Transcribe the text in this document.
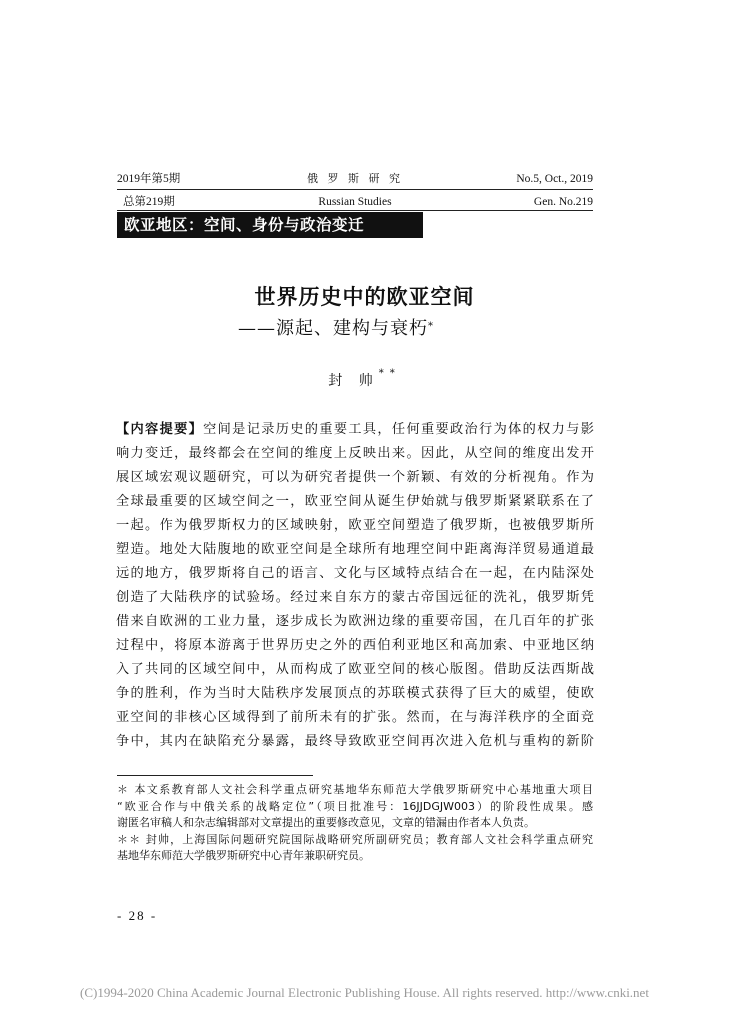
2019年第5期	俄 罗 斯 研 究	No.5, Oct., 2019
总第219期	Russian Studies	Gen. No.219
欧亚地区：空间、身份与政治变迁
世界历史中的欧亚空间
——源起、建构与衰朽*
封 帅**
【内容提要】空间是记录历史的重要工具，任何重要政治行为体的权力与影
响力变迁，最终都会在空间的维度上反映出来。因此，从空间的维度出发开
展区域宏观议题研究，可以为研究者提供一个新颖、有效的分析视角。作为
全球最重要的区域空间之一，欧亚空间从诞生伊始就与俄罗斯紧紧联系在了
一起。作为俄罗斯权力的区域映射，欧亚空间塑造了俄罗斯，也被俄罗斯所
塑造。地处大陆腹地的欧亚空间是全球所有地理空间中距离海洋贸易通道最
远的地方，俄罗斯将自己的语言、文化与区域特点结合在一起，在内陆深处
创造了大陆秩序的试验场。经过来自东方的蒙古帝国远征的洗礼，俄罗斯凭
借来自欧洲的工业力量，逐步成长为欧洲边缘的重要帝国，在几百年的扩张
过程中，将原本游离于世界历史之外的西伯利亚地区和高加索、中亚地区纳
入了共同的区域空间中，从而构成了欧亚空间的核心版图。借助反法西斯战
争的胜利，作为当时大陆秩序发展顶点的苏联模式获得了巨大的威望，使欧
亚空间的非核心区域得到了前所未有的扩张。然而，在与海洋秩序的全面竞
争中，其内在缺陷充分暴露，最终导致欧亚空间再次进入危机与重构的新阶
＊ 本文系教育部人文社会科学重点研究基地华东师范大学俄罗斯研究中心基地重大项目
“欧亚合作与中俄关系的战略定位”（项目批准号：16JJDGJW003）的阶段性成果。感
谢匿名审稿人和杂志编辑部对文章提出的重要修改意见，文章的错漏由作者本人负责。
＊＊ 封帅，上海国际问题研究院国际战略研究所副研究员；教育部人文社会科学重点研究
基地华东师范大学俄罗斯研究中心青年兼职研究员。
- 28 -
(C)1994-2020 China Academic Journal Electronic Publishing House. All rights reserved. http://www.cnki.net
